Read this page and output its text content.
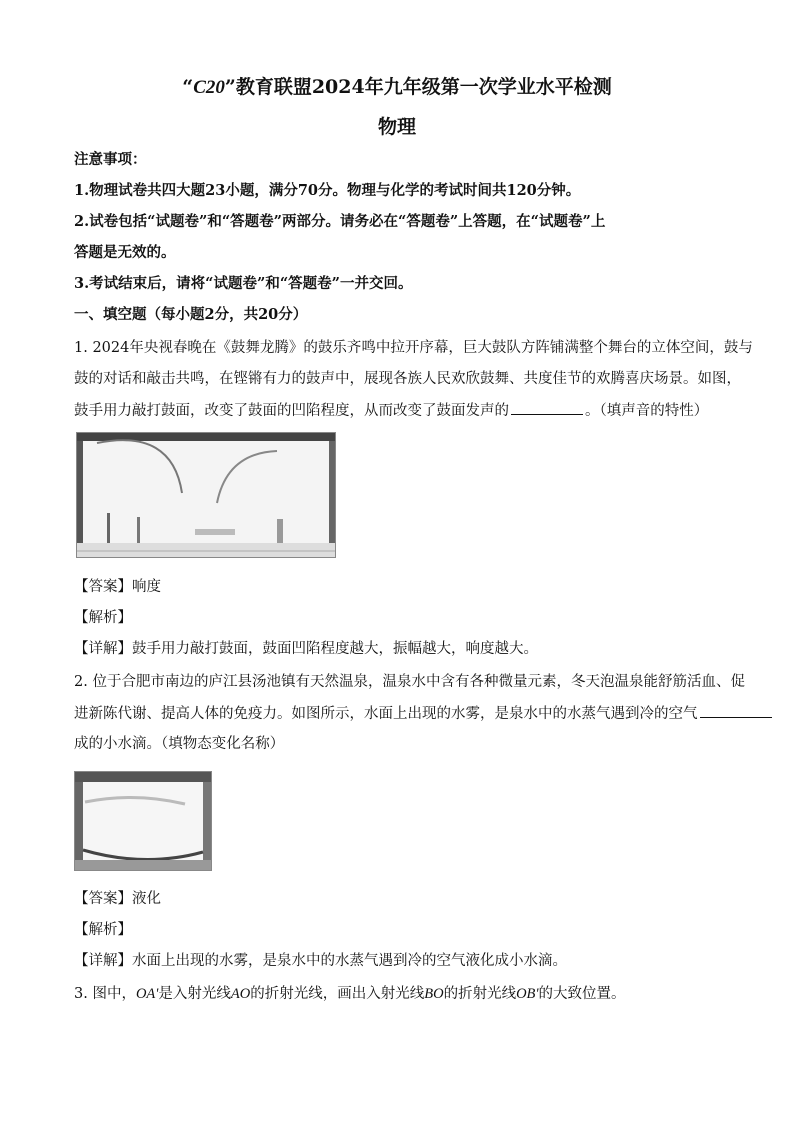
“C20”教育联盟2024年九年级第一次学业水平检测
物理
注意事项：
1.物理试卷共四大题23小题，满分70分。物理与化学的考试时间共120分钟。
2.试卷包括“试题卷”和“答题卷”两部分。请务必在“答题卷”上答题，在“试题卷”上
答题是无效的。
3.考试结束后，请将“试题卷”和“答题卷”一并交回。
一、填空题（每小题2分，共20分）
1. 2024年央视春晚在《鼓舞龙腾》的鼓乐齐鸣中拉开序幕，巨大鼓队方阵铺满整个舞台的立体空间，鼓与
鼓的对话和敲击共鸣，在铿锵有力的鼓声中，展现各族人民欢欣鼓舞、共度佳节的欢腾喜庆场景。如图，
鼓手用力敲打鼓面，改变了鼓面的凹陷程度，从而改变了鼓面发声的	。（填声音的特性）
【答案】响度
【解析】
【详解】鼓手用力敲打鼓面，鼓面凹陷程度越大，振幅越大，响度越大。
2. 位于合肥市南边的庐江县汤池镇有天然温泉，温泉水中含有各种微量元素，冬天泡温泉能舒筋活血、促
进新陈代谢、提高人体的免疫力。如图所示，水面上出现的水雾，是泉水中的水蒸气遇到冷的空气
成的小水滴。（填物态变化名称）
【答案】液化
【解析】
【详解】水面上出现的水雾，是泉水中的水蒸气遇到冷的空气液化成小水滴。
3. 图中，OA'是入射光线AO的折射光线，画出入射光线BO的折射光线OB'的大致位置。
